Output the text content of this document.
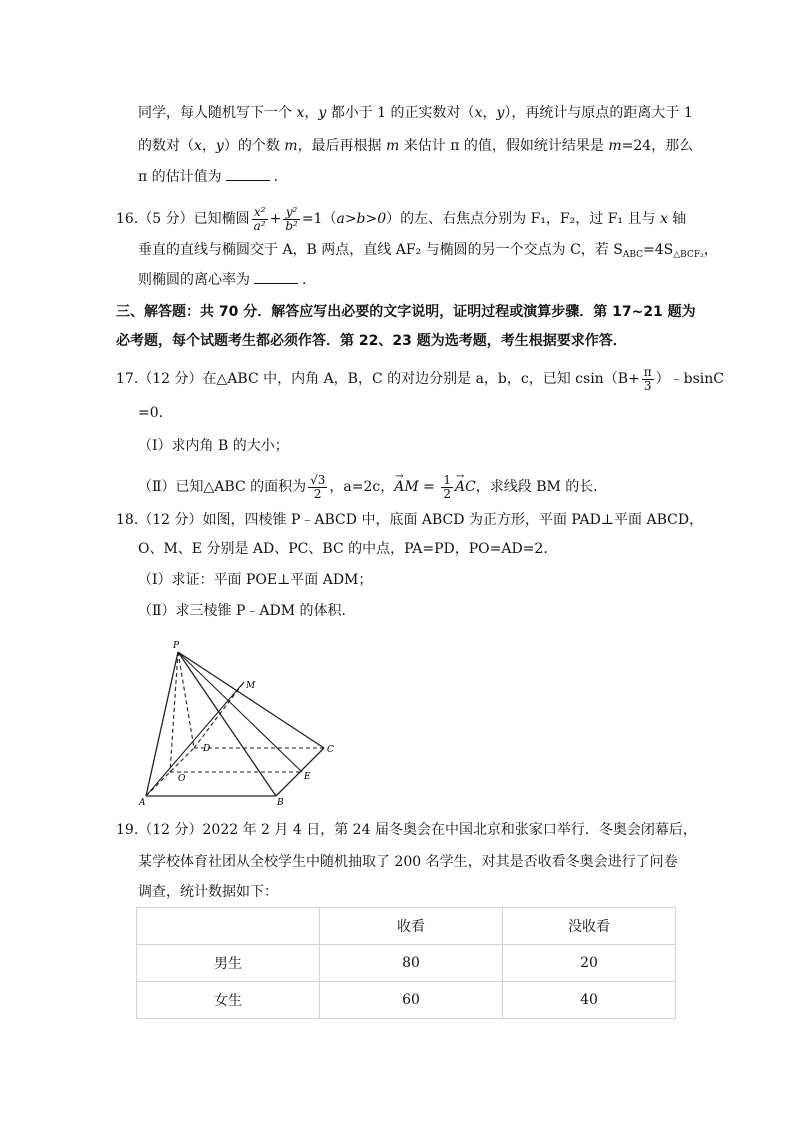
同学，每人随机写下一个 x，y 都小于 1 的正实数对（x，y），再统计与原点的距离大于 1
的数对（x，y）的个数 m，最后再根据 m 来估计 π 的值，假如统计结果是 m=24，那么
π 的估计值为	.
16.（5 分）已知椭圆 $\frac{\text{x²}}{\text{a²}} + \frac{\text{y²}}{\text{b²}} =1(a>b>0)$的左、右焦点分别为 F₁，F₂，过 F₁ 且与 x 轴
垂直的直线与椭圆交于 A，B 两点，直线 AF₂ 与椭圆的另一个交点为 C，若 $S_{ABC}=4S_{\triangle BCF_2}$，
则椭圆的离心率为	.
三、解答题：共 70 分．解答应写出必要的文字说明，证明过程或演算步骤．第 17~21 题为
必考题，每个试题考生都必须作答．第 22、23 题为选考题，考生根据要求作答．
17.（12 分）在△ABC 中，内角 A，B，C 的对边分别是 a，b，c，已知 $csin(B+ \frac{\pi}{3}$ ）﹣bsinC
=0．
（Ⅰ）求内角 B 的大小；
（Ⅱ）已知△ABC 的面积为 $\frac{√3}{2}$ ，a=2c，→ AM = $\frac{1}{2}$ → AC，求线段 BM 的长．
18.（12 分）如图，四棱锥 P﹣ABCD 中，底面 ABCD 为正方形，平面 PAD⊥平面 ABCD，
O、M、E 分别是 AD、PC、BC 的中点，PA=PD，PO=AD=2．
（Ⅰ）求证：平面 POE⊥平面 ADM；
（Ⅱ）求三棱锥 P﹣ADM 的体积．
P
M
D	C
O	E
A	B
19.（12 分）2022 年 2 月 4 日，第 24 届冬奥会在中国北京和张家口举行．冬奥会闭幕后，
某学校体育社团从全校学生中随机抽取了 200 名学生，对其是否收看冬奥会进行了问卷
调查，统计数据如下：
	收看	没收看
男生	80	20
女生	60	40
